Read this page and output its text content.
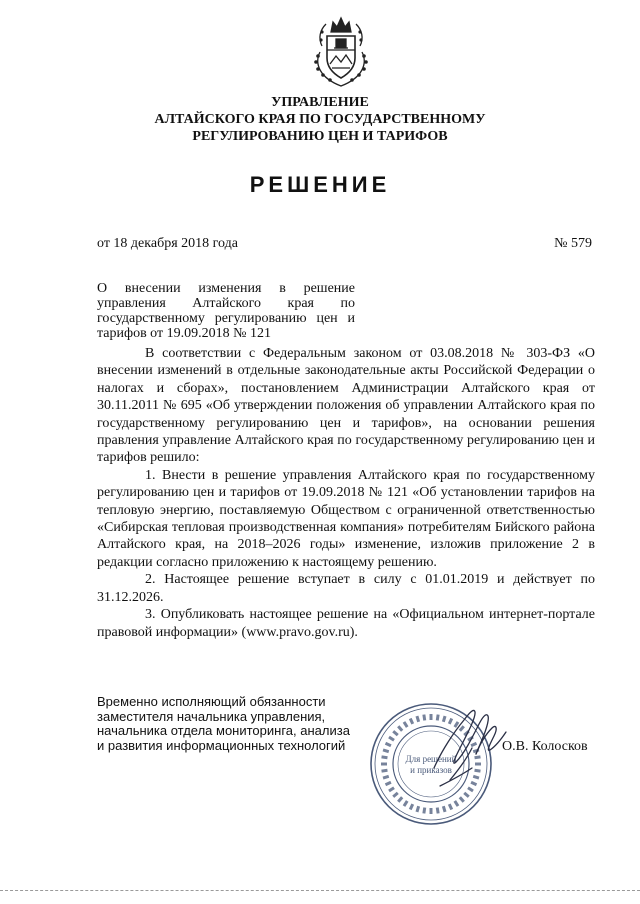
УПРАВЛЕНИЕ
АЛТАЙСКОГО КРАЯ ПО ГОСУДАРСТВЕННОМУ
РЕГУЛИРОВАНИЮ ЦЕН И ТАРИФОВ
РЕШЕНИЕ
от 18 декабря 2018 года	№ 579
О внесении изменения в решение
управления Алтайского края по
государственному регулированию цен и
тарифов от 19.09.2018 № 121

В соответствии с Федеральным законом от 03.08.2018 № 303-ФЗ «О внесении изменений в отдельные законодательные акты Российской Федерации о налогах и сборах», постановлением Администрации Алтайского края от 30.11.2011 № 695 «Об утверждении положения об управлении Алтайского края по государственному регулированию цен и тарифов», на основании решения правления управление Алтайского края по государственному регулированию цен и тарифов решило:

1. Внести в решение управления Алтайского края по государственному регулированию цен и тарифов от 19.09.2018 № 121 «Об установлении тарифов на тепловую энергию, поставляемую Обществом с ограниченной ответственностью «Сибирская тепловая производственная компания» потребителям Бийского района Алтайского края, на 2018–2026 годы» изменение, изложив приложение 2 в редакции согласно приложению к настоящему решению.

2. Настоящее решение вступает в силу с 01.01.2019 и действует по 31.12.2026.

3. Опубликовать настоящее решение на «Официальном интернет-портале правовой информации» (www.pravo.gov.ru).

Временно исполняющий обязанности
заместителя начальника управления,
начальника отдела мониторинга, анализа
и развития информационных технологий
Для решений
и приказов
О.В. Колосков
